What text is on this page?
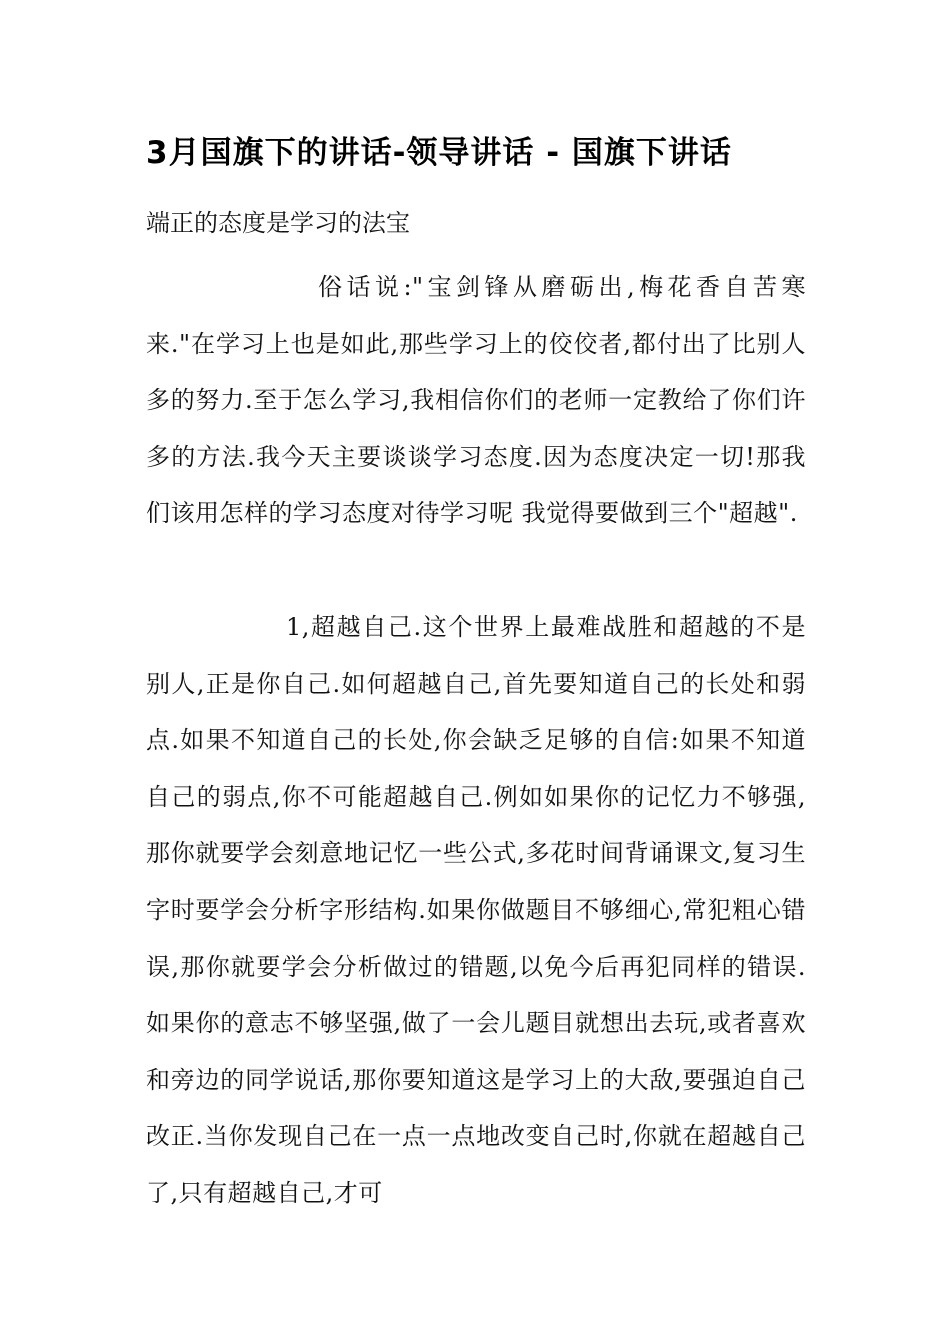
3月国旗下的讲话-领导讲话 - 国旗下讲话

端正的态度是学习的法宝

俗话说:"宝剑锋从磨砺出,梅花香自苦寒来."在学习上也是如此,那些学习上的佼佼者,都付出了比别人多的努力.至于怎么学习,我相信你们的老师一定教给了你们许多的方法.我今天主要谈谈学习态度.因为态度决定一切!那我们该用怎样的学习态度对待学习呢 我觉得要做到三个"超越".

1,超越自己.这个世界上最难战胜和超越的不是别人,正是你自己.如何超越自己,首先要知道自己的长处和弱点.如果不知道自己的长处,你会缺乏足够的自信:如果不知道自己的弱点,你不可能超越自己.例如如果你的记忆力不够强,那你就要学会刻意地记忆一些公式,多花时间背诵课文,复习生字时要学会分析字形结构.如果你做题目不够细心,常犯粗心错误,那你就要学会分析做过的错题,以免今后再犯同样的错误.如果你的意志不够坚强,做了一会儿题目就想出去玩,或者喜欢和旁边的同学说话,那你要知道这是学习上的大敌,要强迫自己改正.当你发现自己在一点一点地改变自己时,你就在超越自己了,只有超越自己,才可
